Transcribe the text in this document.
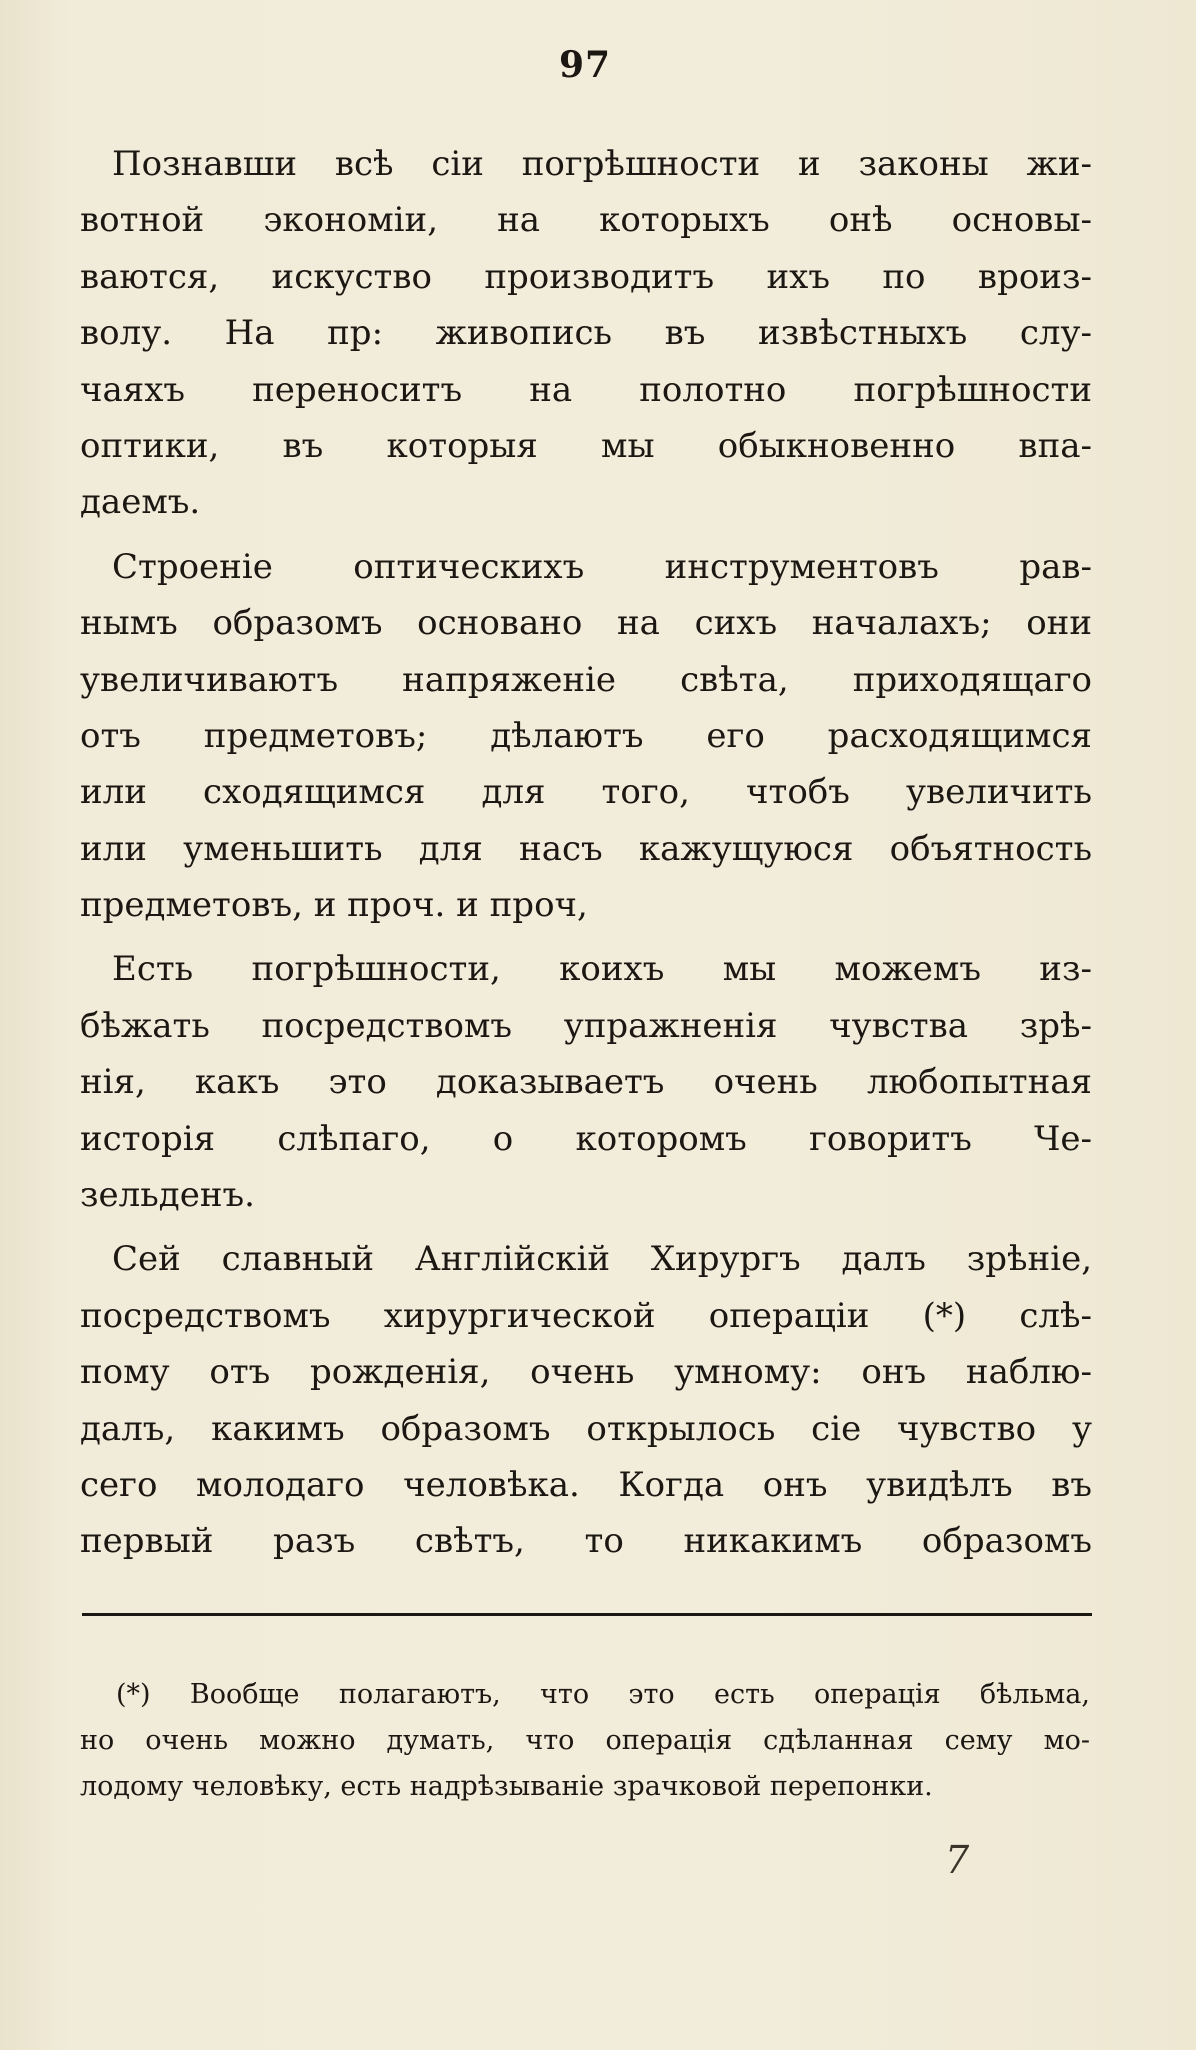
97
Познавши всѣ сіи погрѣшности и законы жи-
вотной экономіи, на которыхъ онѣ основы-
ваются, искуство производитъ ихъ по вроиз-
волу. На пр: живопись въ извѣстныхъ слу-
чаяхъ переноситъ на полотно погрѣшности
оптики, въ которыя мы обыкновенно впа-
даемъ.
Строеніе оптическихъ инструментовъ рав-
нымъ образомъ основано на сихъ началахъ; они
увеличиваютъ напряженіе свѣта, приходящаго
отъ предметовъ; дѣлаютъ его расходящимся
или сходящимся для того, чтобъ увеличить
или уменьшить для насъ кажущуюся объятность
предметовъ, и проч. и проч,
Есть погрѣшности, коихъ мы можемъ из-
бѣжать посредствомъ упражненія чувства зрѣ-
нія, какъ это доказываетъ очень любопытная
исторія слѣпаго, о которомъ говоритъ Че-
зельденъ.
Сей славный Англійскій Хирургъ далъ зрѣніе,
посредствомъ хирургической операціи (*) слѣ-
пому отъ рожденія, очень умному: онъ наблю-
далъ, какимъ образомъ открылось сіе чувство у
сего молодаго человѣка. Когда онъ увидѣлъ въ
первый разъ свѣтъ, то никакимъ образомъ
(*) Вообще полагаютъ, что это есть операція бѣльма,
но очень можно думать, что операція сдѣланная сему мо-
лодому человѣку, есть надрѣзываніе зрачковой перепонки.
7
